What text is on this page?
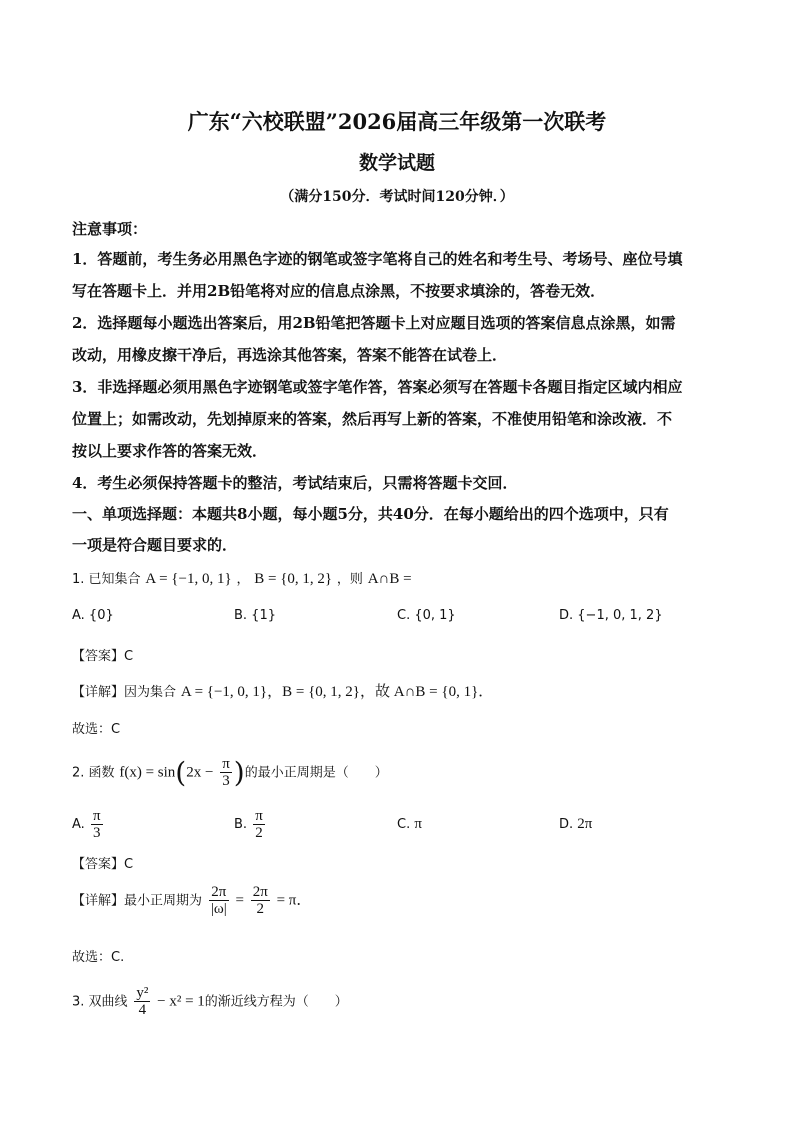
广东“六校联盟”2026届高三年级第一次联考
数学试题
（满分150分．考试时间120分钟．）
注意事项：
1．答题前，考生务必用黑色字迹的钢笔或签字笔将自己的姓名和考生号、考场号、座位号填
写在答题卡上．并用2B铅笔将对应的信息点涂黑，不按要求填涂的，答卷无效．
2．选择题每小题选出答案后，用2B铅笔把答题卡上对应题目选项的答案信息点涂黑，如需
改动，用橡皮擦干净后，再选涂其他答案，答案不能答在试卷上．
3．非选择题必须用黑色字迹钢笔或签字笔作答，答案必须写在答题卡各题目指定区域内相应
位置上；如需改动，先划掉原来的答案，然后再写上新的答案，不准使用铅笔和涂改液．不
按以上要求作答的答案无效．
4．考生必须保持答题卡的整洁，考试结束后，只需将答题卡交回．
一、单项选择题：本题共8小题，每小题5分，共40分．在每小题给出的四个选项中，只有
一项是符合题目要求的．
1. 已知集合 A = {−1, 0, 1} ， B = {0, 1, 2} ，则 A∩B =
A. {0}	B. {1}	C. {0, 1}	D. {−1, 0, 1, 2}
【答案】C
【详解】因为集合 A = {−1, 0, 1}，B = {0, 1, 2}，故 A∩B = {0, 1}．
故选：C
2. 函数 $f(x) = \sin(2x - \frac{\pi}{3}$ )的最小正周期是（　　）
A. $\frac{\pi}{3}$	B. $\frac{\pi}{2}$	C. π	D. 2π
【答案】C
【详解】最小正周期为 $\frac{2\pi}{|\omega|} = \frac{2\pi}{2} = \pi$．
故选：C.
3. 双曲线 $\frac{\text{y²}}{4} - x^2 = 1$的渐近线方程为（　　）
